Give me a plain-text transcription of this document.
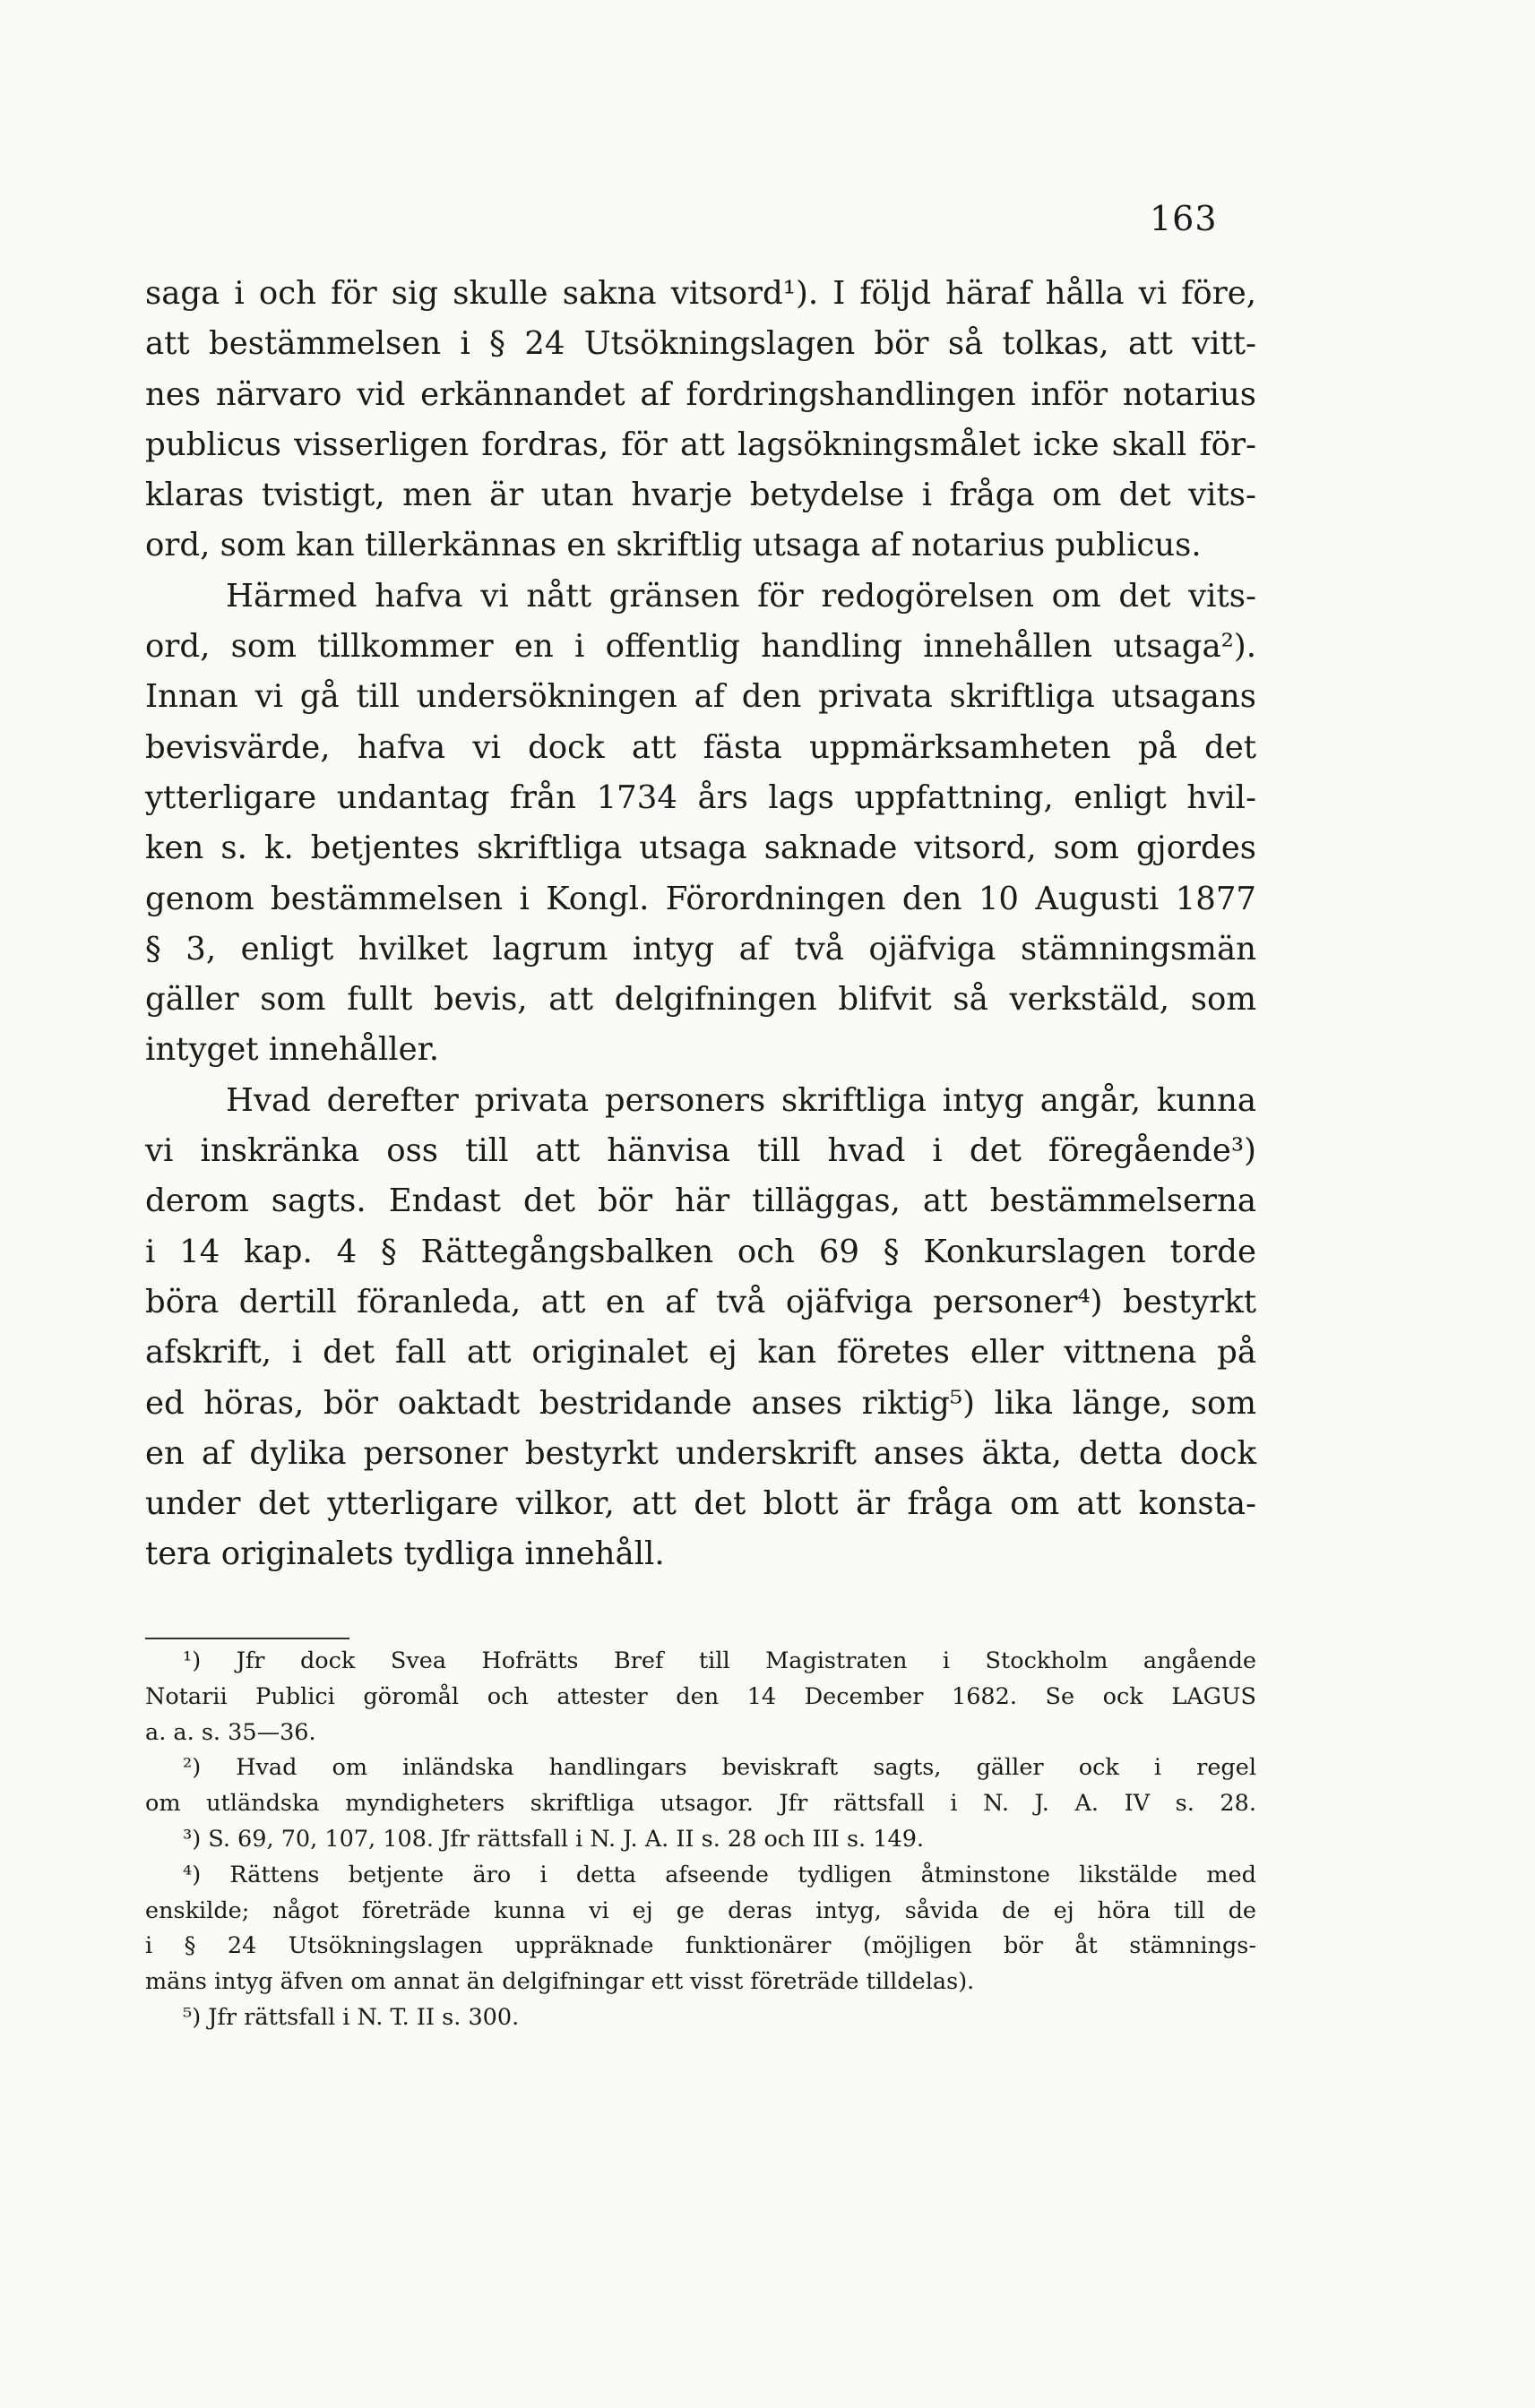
163
saga i och för sig skulle sakna vitsord¹). I följd häraf hålla vi före,
att bestämmelsen i § 24 Utsökningslagen bör så tolkas, att vitt-
nes närvaro vid erkännandet af fordringshandlingen inför notarius
publicus visserligen fordras, för att lagsökningsmålet icke skall för-
klaras tvistigt, men är utan hvarje betydelse i fråga om det vits-
ord, som kan tillerkännas en skriftlig utsaga af notarius publicus.
Härmed hafva vi nått gränsen för redogörelsen om det vits-
ord, som tillkommer en i offentlig handling innehållen utsaga²).
Innan vi gå till undersökningen af den privata skriftliga utsagans
bevisvärde, hafva vi dock att fästa uppmärksamheten på det
ytterligare undantag från 1734 års lags uppfattning, enligt hvil-
ken s. k. betjentes skriftliga utsaga saknade vitsord, som gjordes
genom bestämmelsen i Kongl. Förordningen den 10 Augusti 1877
§ 3, enligt hvilket lagrum intyg af två ojäfviga stämningsmän
gäller som fullt bevis, att delgifningen blifvit så verkstäld, som
intyget innehåller.
Hvad derefter privata personers skriftliga intyg angår, kunna
vi inskränka oss till att hänvisa till hvad i det föregående³)
derom sagts. Endast det bör här tilläggas, att bestämmelserna
i 14 kap. 4 § Rättegångsbalken och 69 § Konkurslagen torde
böra dertill föranleda, att en af två ojäfviga personer⁴) bestyrkt
afskrift, i det fall att originalet ej kan företes eller vittnena på
ed höras, bör oaktadt bestridande anses riktig⁵) lika länge, som
en af dylika personer bestyrkt underskrift anses äkta, detta dock
under det ytterligare vilkor, att det blott är fråga om att konsta-
tera originalets tydliga innehåll.
¹) Jfr dock Svea Hofrätts Bref till Magistraten i Stockholm angående
Notarii Publici göromål och attester den 14 December 1682. Se ock LAGUS
a. a. s. 35—36.
²) Hvad om inländska handlingars beviskraft sagts, gäller ock i regel
om utländska myndigheters skriftliga utsagor. Jfr rättsfall i N. J. A. IV s. 28.
³) S. 69, 70, 107, 108. Jfr rättsfall i N. J. A. II s. 28 och III s. 149.
⁴) Rättens betjente äro i detta afseende tydligen åtminstone likstälde med
enskilde; något företräde kunna vi ej ge deras intyg, såvida de ej höra till de
i § 24 Utsökningslagen uppräknade funktionärer (möjligen bör åt stämnings-
mäns intyg äfven om annat än delgifningar ett visst företräde tilldelas).
⁵) Jfr rättsfall i N. T. II s. 300.
